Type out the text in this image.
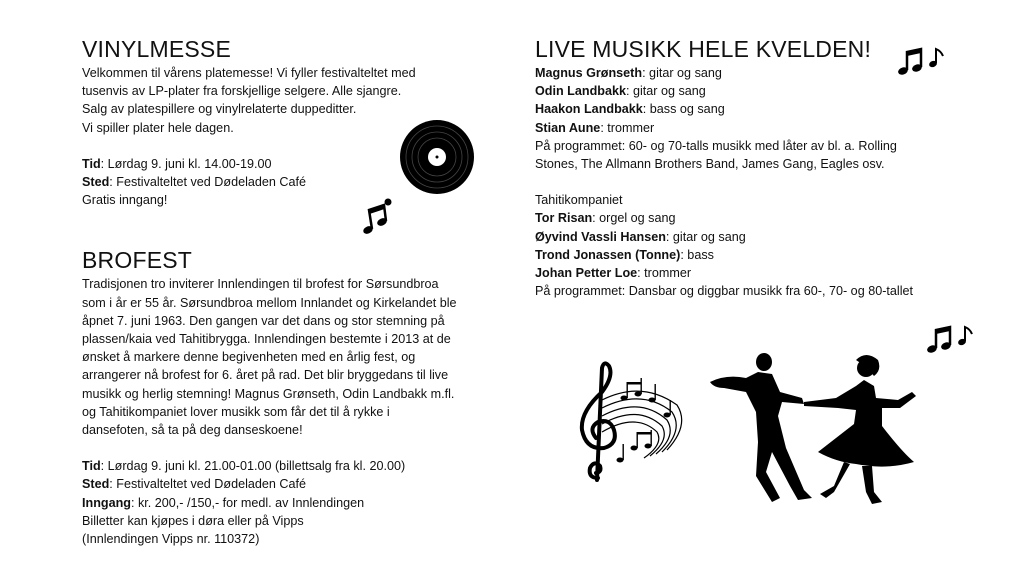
VINYLMESSE

Velkommen til vårens platemesse! Vi fyller festivalteltet med

tusenvis av LP-plater fra forskjellige selgere. Alle sjangre.

Salg av platespillere og vinylrelaterte duppeditter.

Vi spiller plater hele dagen.

Tid: Lørdag 9. juni kl. 14.00-19.00

Sted: Festivalteltet ved Dødeladen Café

Gratis inngang!

BROFEST

Tradisjonen tro inviterer Innlendingen til brofest for Sørsundbroa

som i år er 55 år. Sørsundbroa mellom Innlandet og Kirkelandet ble

åpnet 7. juni 1963. Den gangen var det dans og stor stemning på

plassen/kaia ved Tahitibrygga. Innlendingen bestemte i 2013 at de

ønsket å markere denne begivenheten med en årlig fest, og

arrangerer nå brofest for 6. året på rad. Det blir bryggedans til live

musikk og herlig stemning! Magnus Grønseth, Odin Landbakk m.fl.

og Tahitikompaniet lover musikk som får det til å rykke i

dansefoten, så ta på deg danseskoene!

Tid: Lørdag 9. juni kl. 21.00-01.00 (billettsalg fra kl. 20.00)

Sted: Festivalteltet ved Dødeladen Café

Inngang: kr. 200,- /150,- for medl. av Innlendingen

Billetter kan kjøpes i døra eller på Vipps

(Innlendingen Vipps nr. 110372)

LIVE MUSIKK HELE KVELDEN!

Magnus Grønseth: gitar og sang

Odin Landbakk: gitar og sang

Haakon Landbakk: bass og sang

Stian Aune: trommer

På programmet: 60- og 70-talls musikk med låter av bl. a. Rolling

Stones, The Allmann Brothers Band, James Gang, Eagles osv.

Tahitikompaniet

Tor Risan: orgel og sang

Øyvind Vassli Hansen: gitar og sang

Trond Jonassen (Tonne): bass

Johan Petter Loe: trommer

På programmet: Dansbar og diggbar musikk fra 60-, 70- og 80-tallet
